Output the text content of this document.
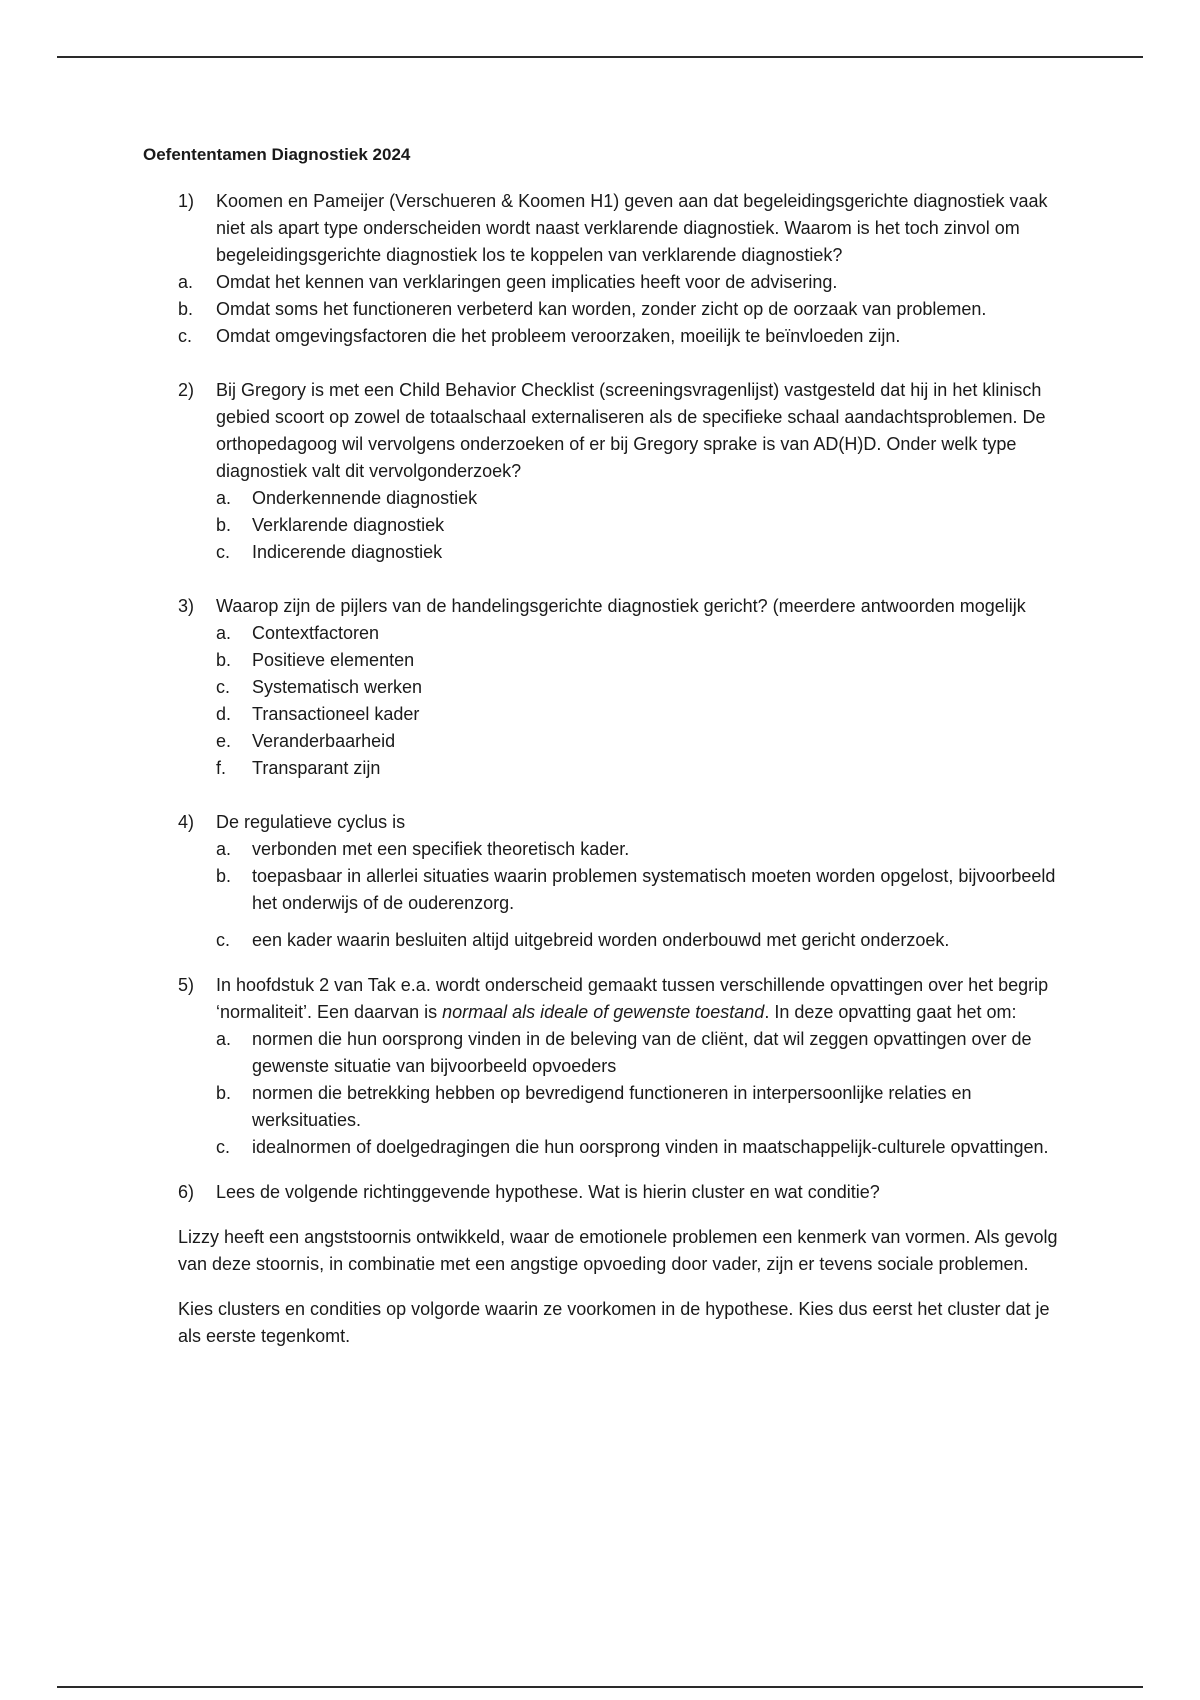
Oefententamen Diagnostiek 2024
1)	Koomen en Pameijer (Verschueren & Koomen H1) geven aan dat begeleidingsgerichte diagnostiek vaak niet als apart type onderscheiden wordt naast verklarende diagnostiek. Waarom is het toch zinvol om begeleidingsgerichte diagnostiek los te koppelen van verklarende diagnostiek?
a.	Omdat het kennen van verklaringen geen implicaties heeft voor de advisering.
b.	Omdat soms het functioneren verbeterd kan worden, zonder zicht op de oorzaak van problemen.
c.	Omdat omgevingsfactoren die het probleem veroorzaken, moeilijk te beïnvloeden zijn.
2)	Bij Gregory is met een Child Behavior Checklist (screeningsvragenlijst) vastgesteld dat hij in het klinisch gebied scoort op zowel de totaalschaal externaliseren als de specifieke schaal aandachtsproblemen. De orthopedagoog wil vervolgens onderzoeken of er bij Gregory sprake is van AD(H)D. Onder welk type diagnostiek valt dit vervolgonderzoek?
a.	Onderkennende diagnostiek
b.	Verklarende diagnostiek
c.	Indicerende diagnostiek
3)	Waarop zijn de pijlers van de handelingsgerichte diagnostiek gericht? (meerdere antwoorden mogelijk
a.	Contextfactoren
b.	Positieve elementen
c.	Systematisch werken
d.	Transactioneel kader
e.	Veranderbaarheid
f.	Transparant zijn
4)	De regulatieve cyclus is
a.	verbonden met een specifiek theoretisch kader.
b.	toepasbaar in allerlei situaties waarin problemen systematisch moeten worden opgelost, bijvoorbeeld het onderwijs of de ouderenzorg.
c.	een kader waarin besluiten altijd uitgebreid worden onderbouwd met gericht onderzoek.
5)	In hoofdstuk 2 van Tak e.a. wordt onderscheid gemaakt tussen verschillende opvattingen over het begrip ‘normaliteit’. Een daarvan is normaal als ideale of gewenste toestand. In deze opvatting gaat het om:
a.	normen die hun oorsprong vinden in de beleving van de cliënt, dat wil zeggen opvattingen over de gewenste situatie van bijvoorbeeld opvoeders
b.	normen die betrekking hebben op bevredigend functioneren in interpersoonlijke relaties en werksituaties.
c.	idealnormen of doelgedragingen die hun oorsprong vinden in maatschappelijk-culturele opvattingen.
6)	Lees de volgende richtinggevende hypothese. Wat is hierin cluster en wat conditie?

Lizzy heeft een angststoornis ontwikkeld, waar de emotionele problemen een kenmerk van vormen. Als gevolg van deze stoornis, in combinatie met een angstige opvoeding door vader, zijn er tevens sociale problemen.

Kies clusters en condities op volgorde waarin ze voorkomen in de hypothese. Kies dus eerst het cluster dat je als eerste tegenkomt.
